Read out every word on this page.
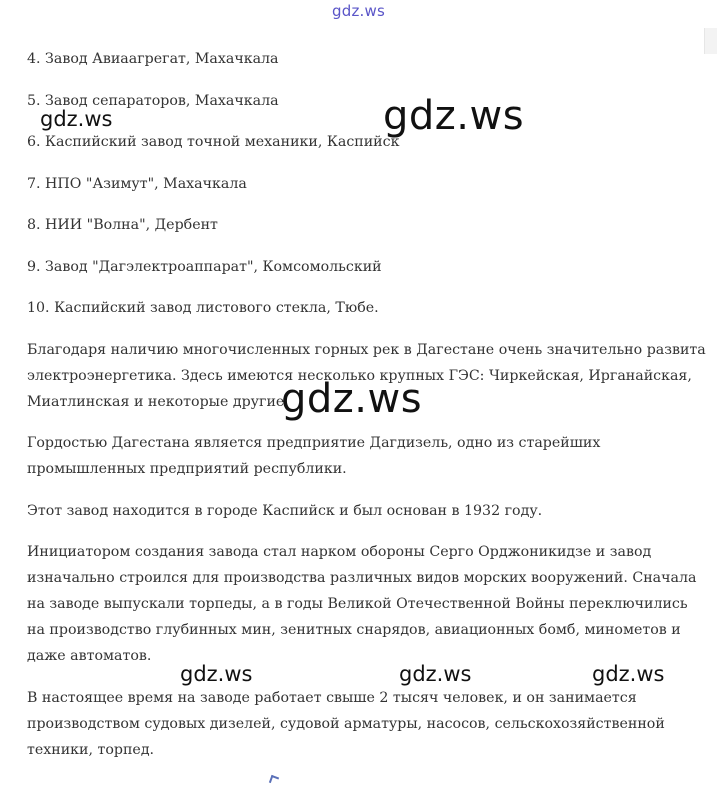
gdz.ws

4. Завод Авиаагрегат, Махачкала

5. Завод сепараторов, Махачкала

6. Каспийский завод точной механики, Каспийск

7. НПО "Азимут", Махачкала

8. НИИ "Волна", Дербент

9. Завод "Дагэлектроаппарат", Комсомольский

10. Каспийский завод листового стекла, Тюбе.

Благодаря наличию многочисленных горных рек в Дагестане очень значительно развита электроэнергетика. Здесь имеются несколько крупных ГЭС: Чиркейская, Ирганайская, Миатлинская и некоторые другие.

Гордостью Дагестана является предприятие Дагдизель, одно из старейших промышленных предприятий республики.

Этот завод находится в городе Каспийск и был основан в 1932 году.

Инициатором создания завода стал нарком обороны Серго Орджоникидзе и завод изначально строился для производства различных видов морских вооружений. Сначала на заводе выпускали торпеды, а в годы Великой Отечественной Войны переключились на производство глубинных мин, зенитных снарядов, авиационных бомб, минометов и даже автоматов.

В настоящее время на заводе работает свыше 2 тысяч человек, и он занимается производством судовых дизелей, судовой арматуры, насосов, сельскохозяйственной техники, торпед.

gdz.ws	gdz.ws
gdz.ws
gdz.ws	gdz.ws	gdz.ws
